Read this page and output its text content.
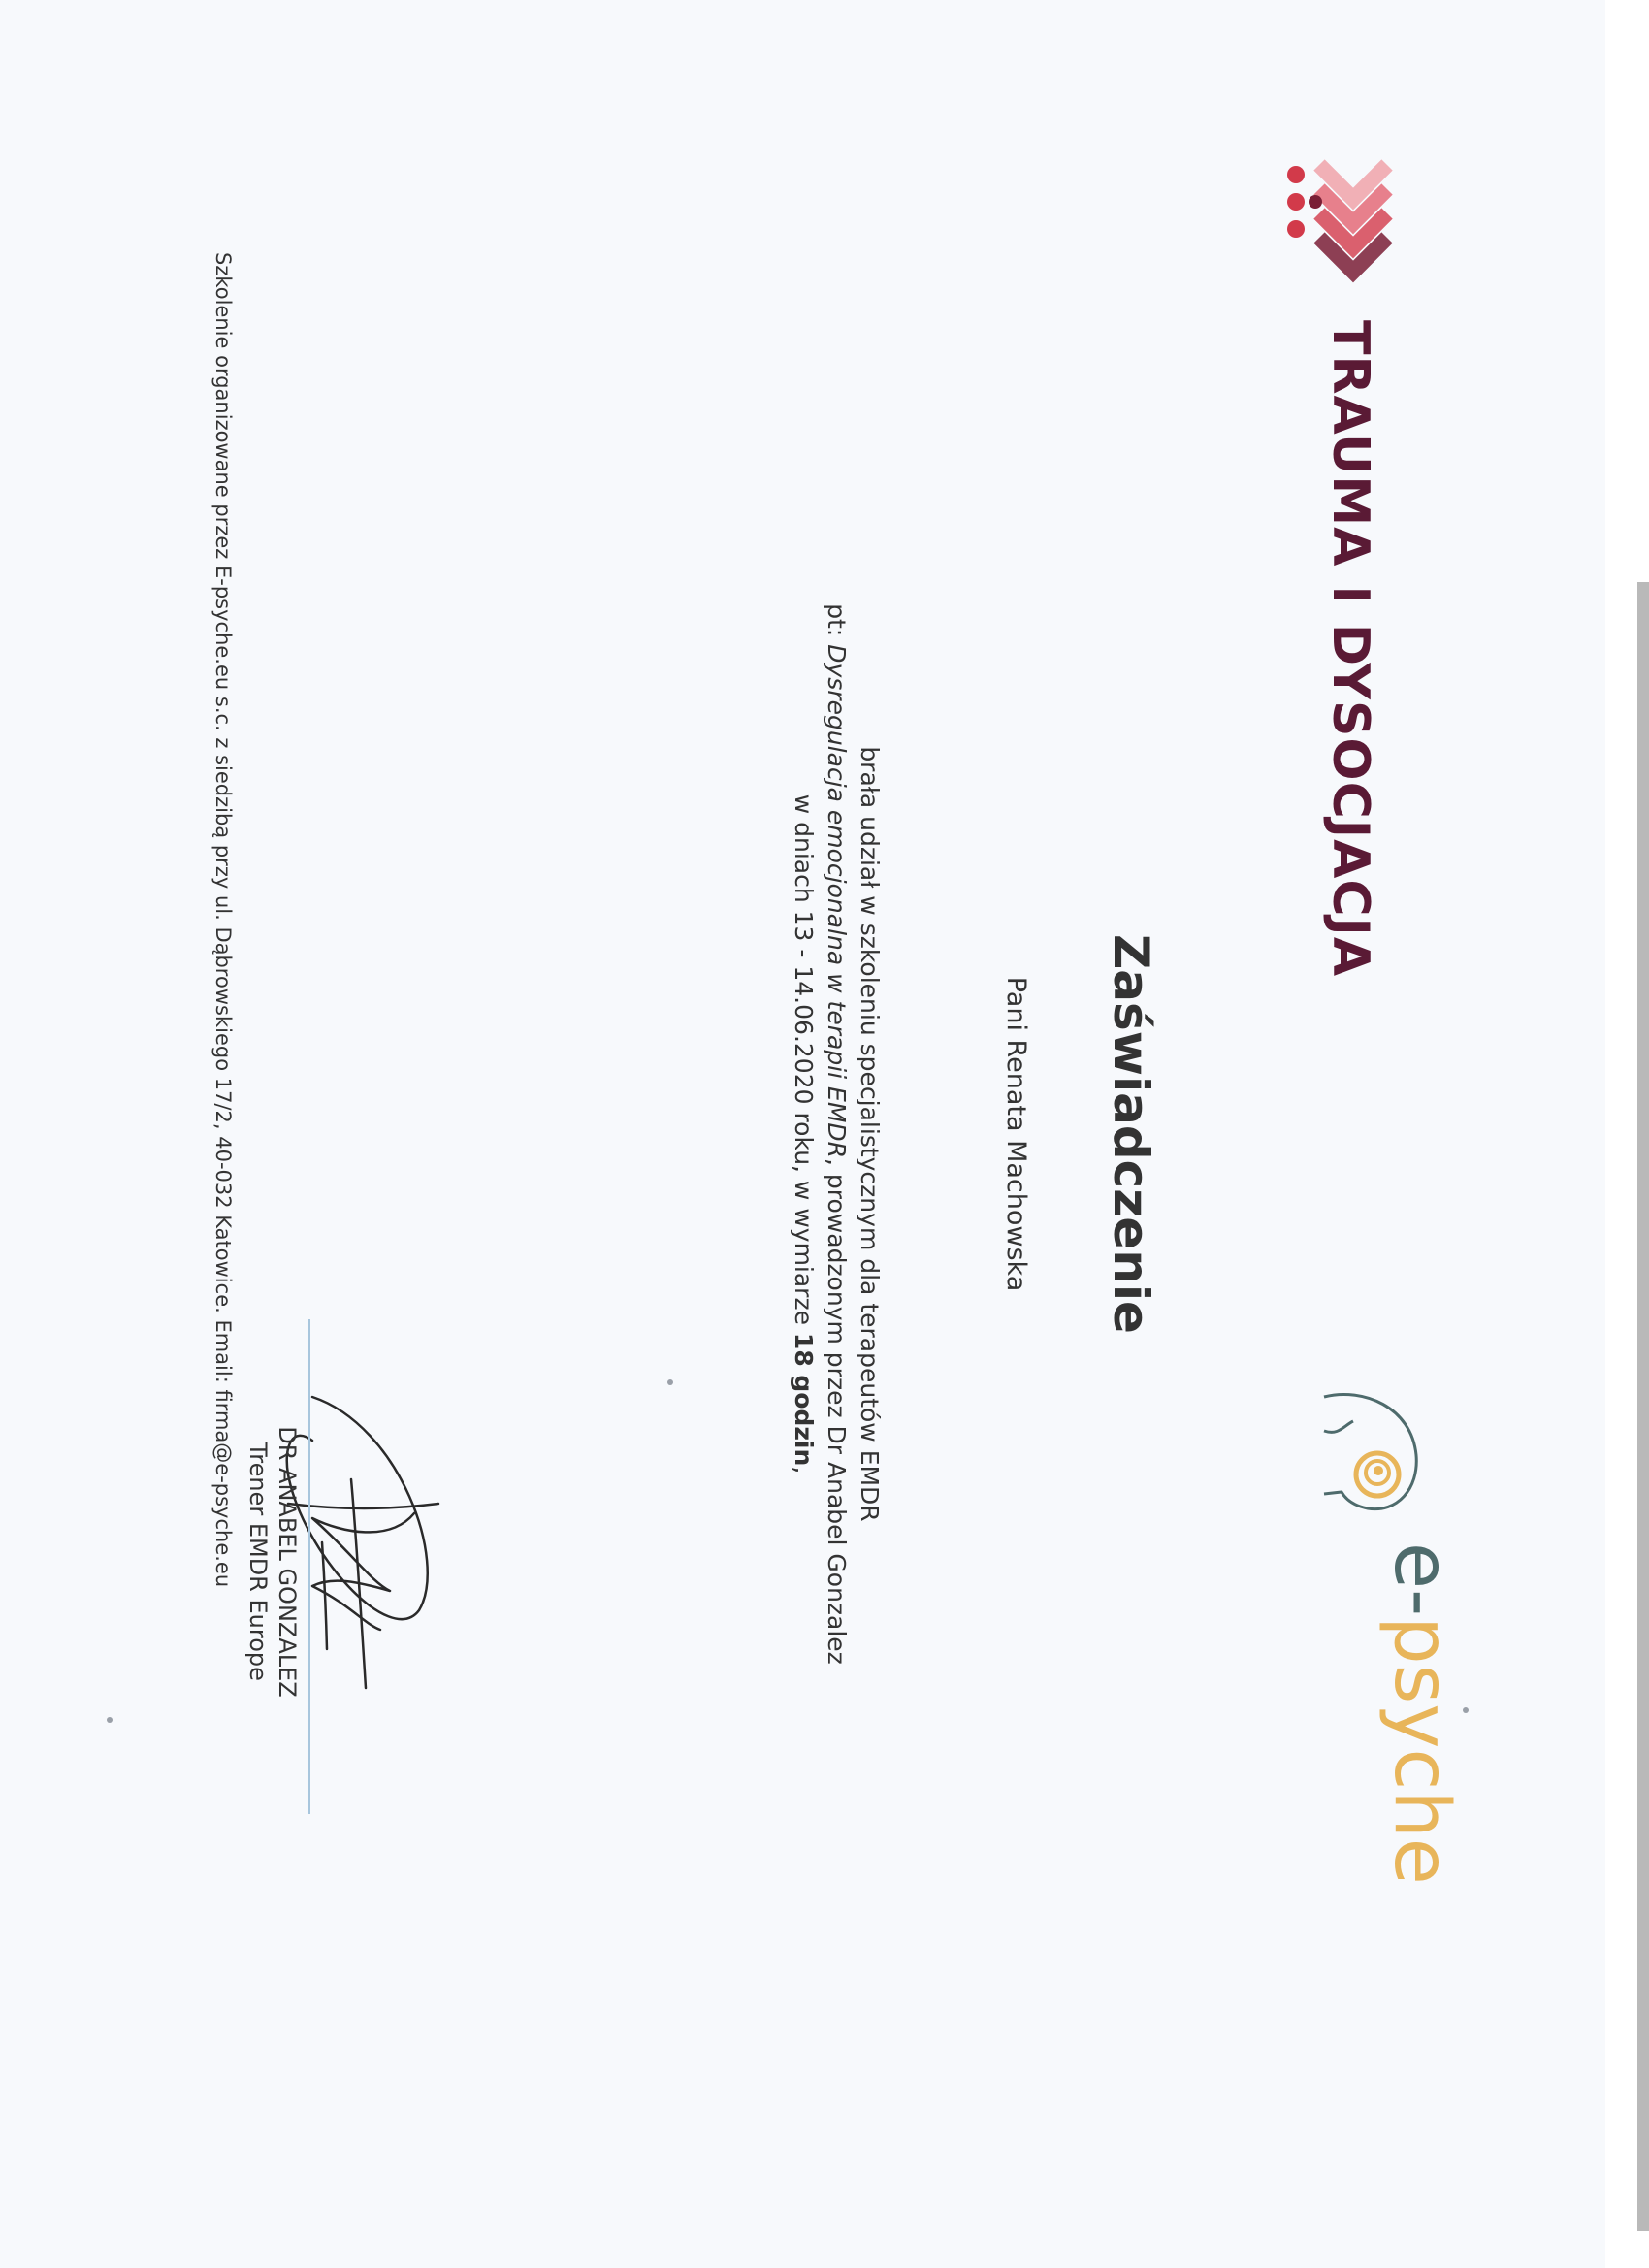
TRAUMA I DYSOCJACJA
e-psyche
Zaświadczenie
Pani Renata Machowska
brała udział w szkoleniu specjalistycznym dla terapeutów EMDR
pt: Dysregulacja emocjonalna w terapii EMDR, prowadzonym przez Dr Anabel Gonzalez
w dniach 13 - 14.06.2020 roku, w wymiarze 18 godzin,
DR ANABEL GONZALEZ
Trener EMDR Europe
Szkolenie organizowane przez E-psyche.eu s.c. z siedzibą przy ul. Dąbrowskiego 17/2, 40-032 Katowice. Email: firma@e-psyche.eu
